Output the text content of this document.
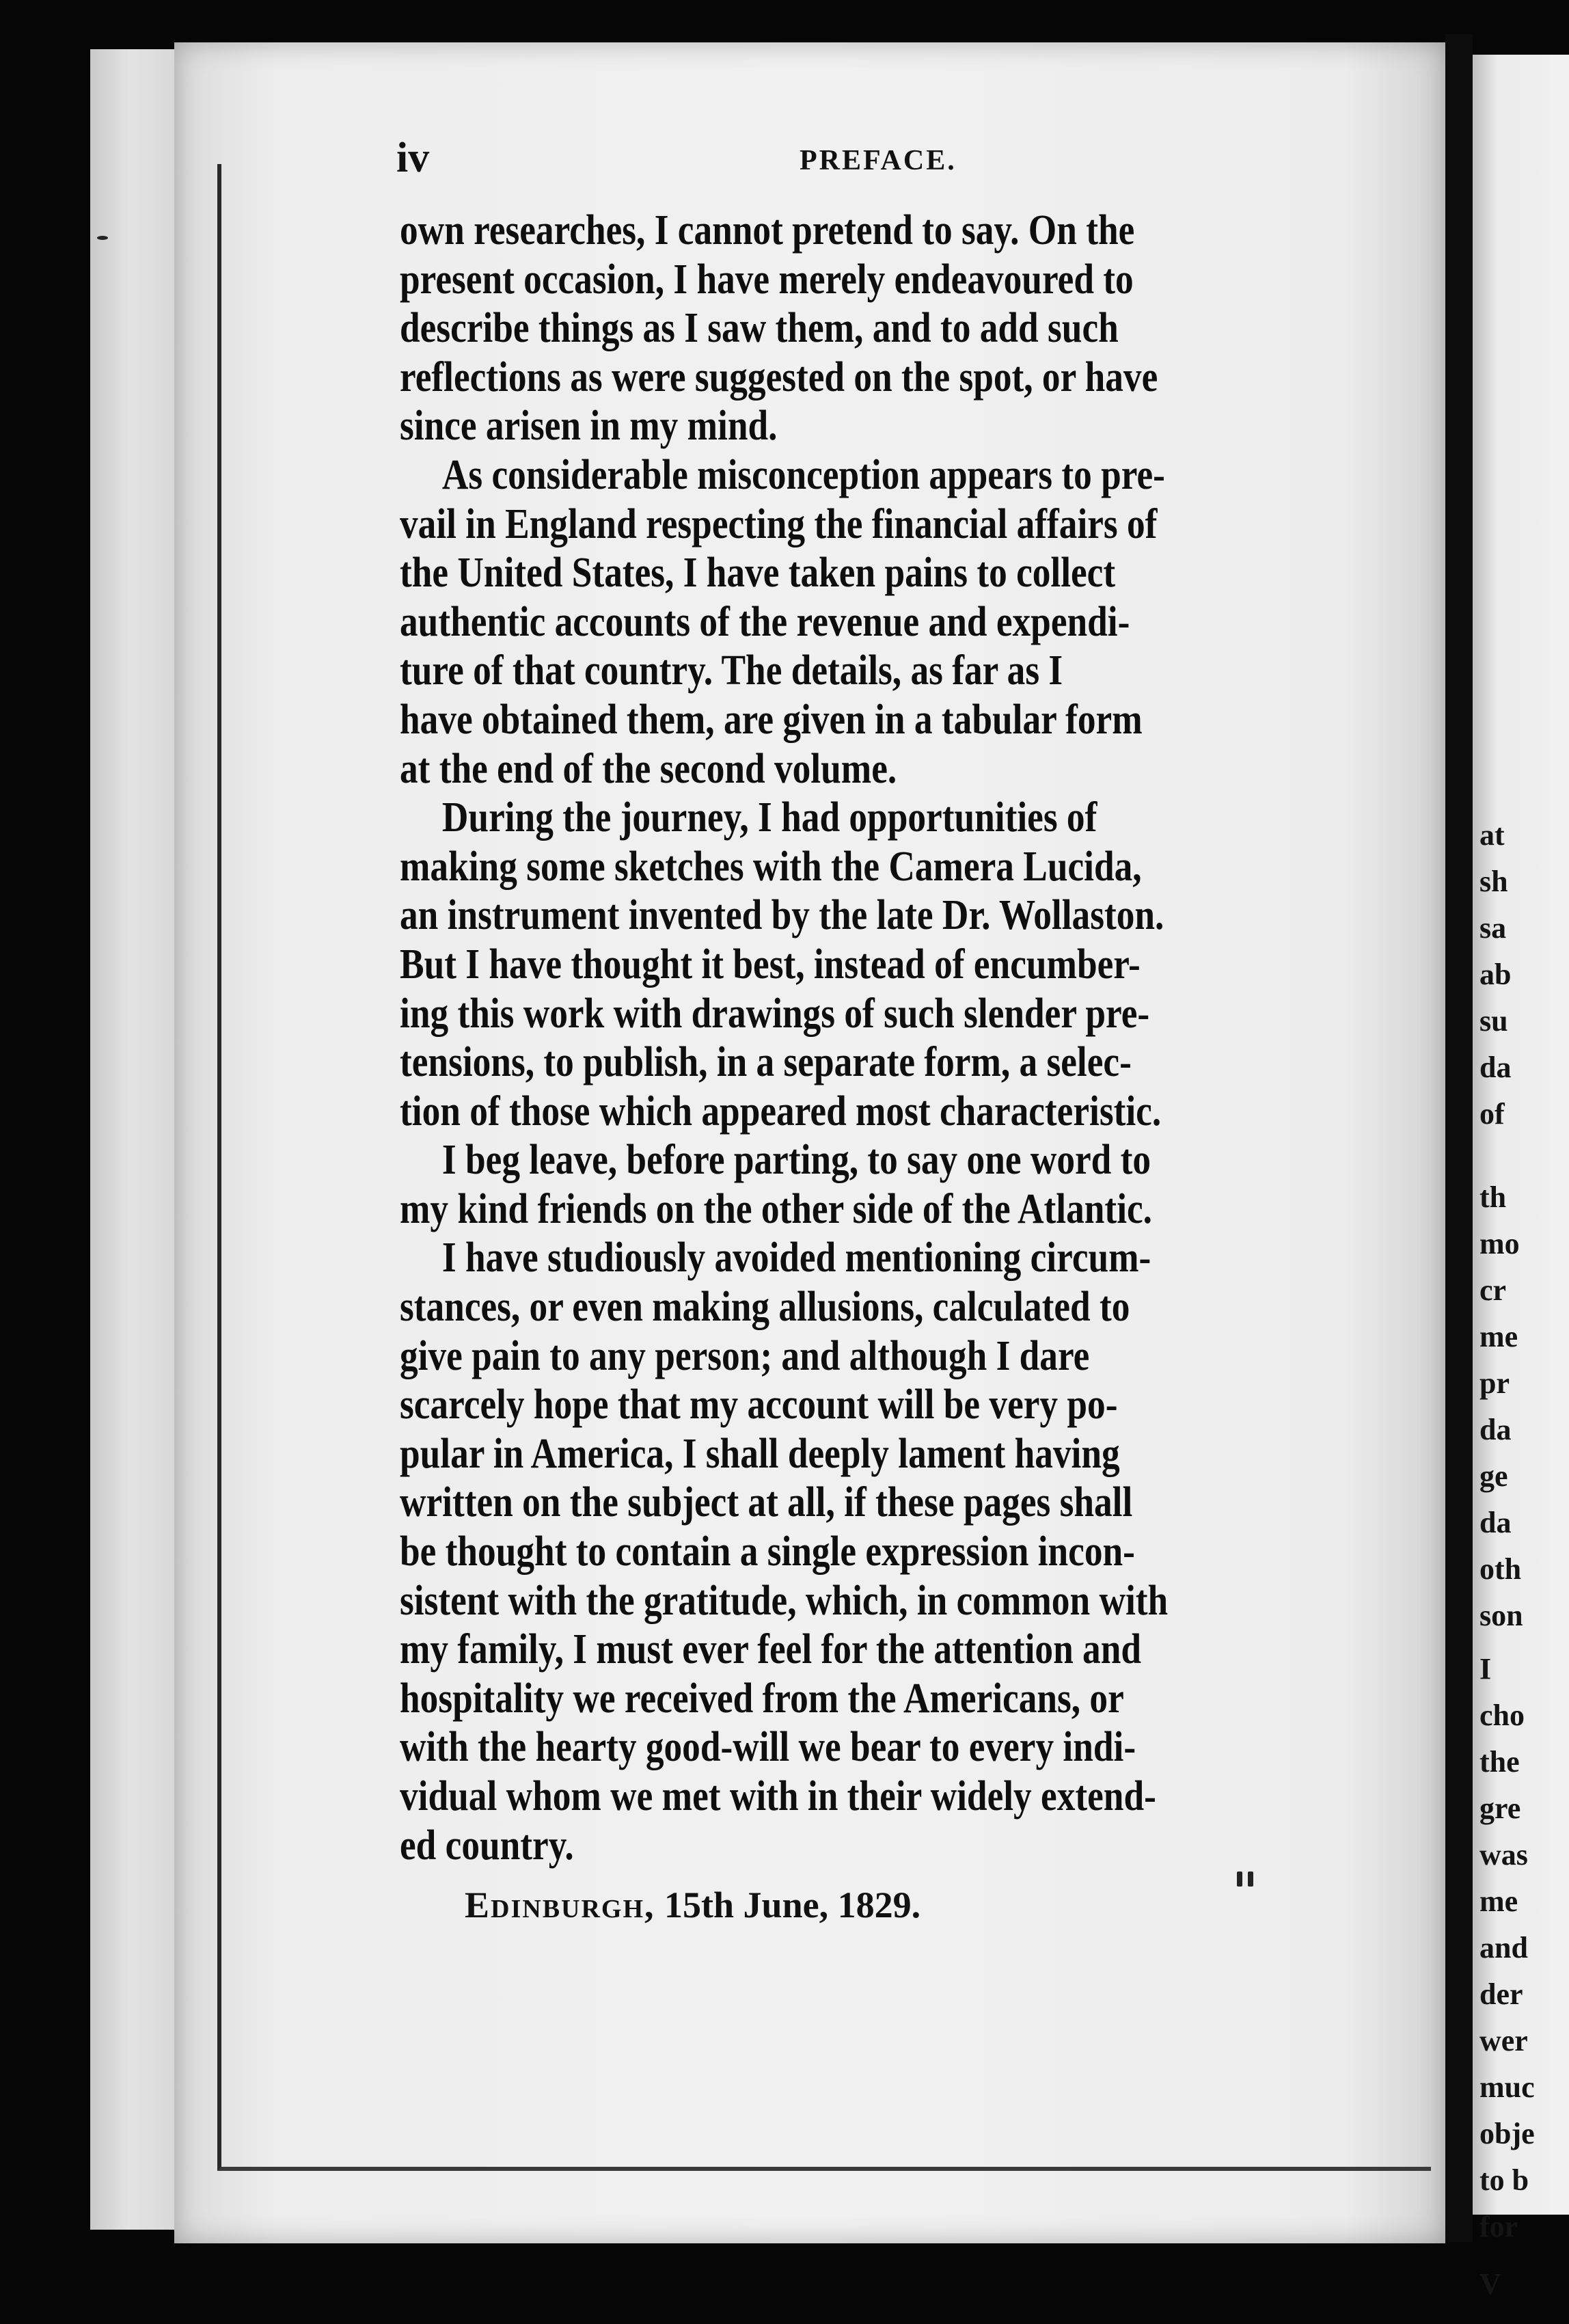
at
sh
sa
ab
su
da
of
th
mo
cr
me
pr
da
ge
da
oth
son
I
cho
the
gre
was
me
and
der
wer
muc
obje
to b
for
V
iv	PREFACE.
own researches, I cannot pretend to say. On the
present occasion, I have merely endeavoured to
describe things as I saw them, and to add such
reflections as were suggested on the spot, or have
since arisen in my mind.
As considerable misconception appears to pre-
vail in England respecting the financial affairs of
the United States, I have taken pains to collect
authentic accounts of the revenue and expendi-
ture of that country. The details, as far as I
have obtained them, are given in a tabular form
at the end of the second volume.
During the journey, I had opportunities of
making some sketches with the Camera Lucida,
an instrument invented by the late Dr. Wollaston.
But I have thought it best, instead of encumber-
ing this work with drawings of such slender pre-
tensions, to publish, in a separate form, a selec-
tion of those which appeared most characteristic.
I beg leave, before parting, to say one word to
my kind friends on the other side of the Atlantic.
I have studiously avoided mentioning circum-
stances, or even making allusions, calculated to
give pain to any person; and although I dare
scarcely hope that my account will be very po-
pular in America, I shall deeply lament having
written on the subject at all, if these pages shall
be thought to contain a single expression incon-
sistent with the gratitude, which, in common with
my family, I must ever feel for the attention and
hospitality we received from the Americans, or
with the hearty good-will we bear to every indi-
vidual whom we met with in their widely extend-
ed country.
Edinburgh, 15th June, 1829.
